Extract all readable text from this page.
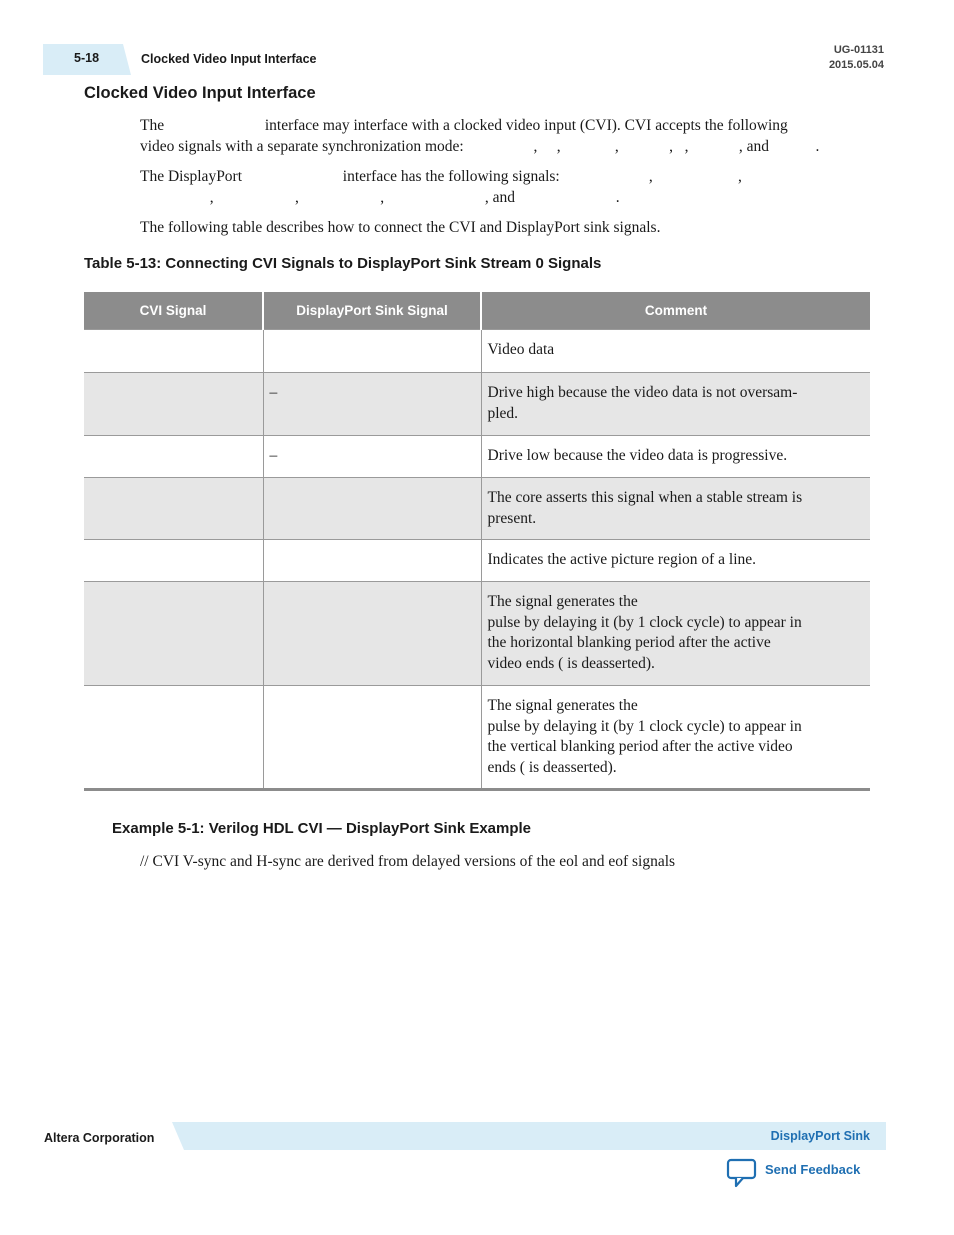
5-18	Clocked Video Input Interface
UG-01131
2015.05.04
Clocked Video Input Interface
The                          interface may interface with a clocked video input (CVI). CVI accepts the following
video signals with a separate synchronization mode:                  ,     ,              ,             ,   ,             , and            .
The DisplayPort                          interface has the following signals:                       ,                      ,
,                     ,                     ,                          , and                          .
The following table describes how to connect the CVI and DisplayPort sink signals.
Table 5-13: Connecting CVI Signals to DisplayPort Sink Stream 0 Signals
CVI Signal	DisplayPort Sink Signal	Comment
		Video data
	–	Drive high because the video data is not oversam-
pled.
	–	Drive low because the video data is progressive.
		The core asserts this signal when a stable stream is
present.
		Indicates the active picture region of a line.
		The signal generates the
pulse by delaying it (by 1 clock cycle) to appear in
the horizontal blanking period after the active
video ends ( is deasserted).
		The signal generates the
pulse by delaying it (by 1 clock cycle) to appear in
the vertical blanking period after the active video
ends ( is deasserted).
Example 5-1: Verilog HDL CVI — DisplayPort Sink Example
// CVI V-sync and H-sync are derived from delayed versions of the eol and eof signals
Altera Corporation	DisplayPort Sink
Send Feedback
